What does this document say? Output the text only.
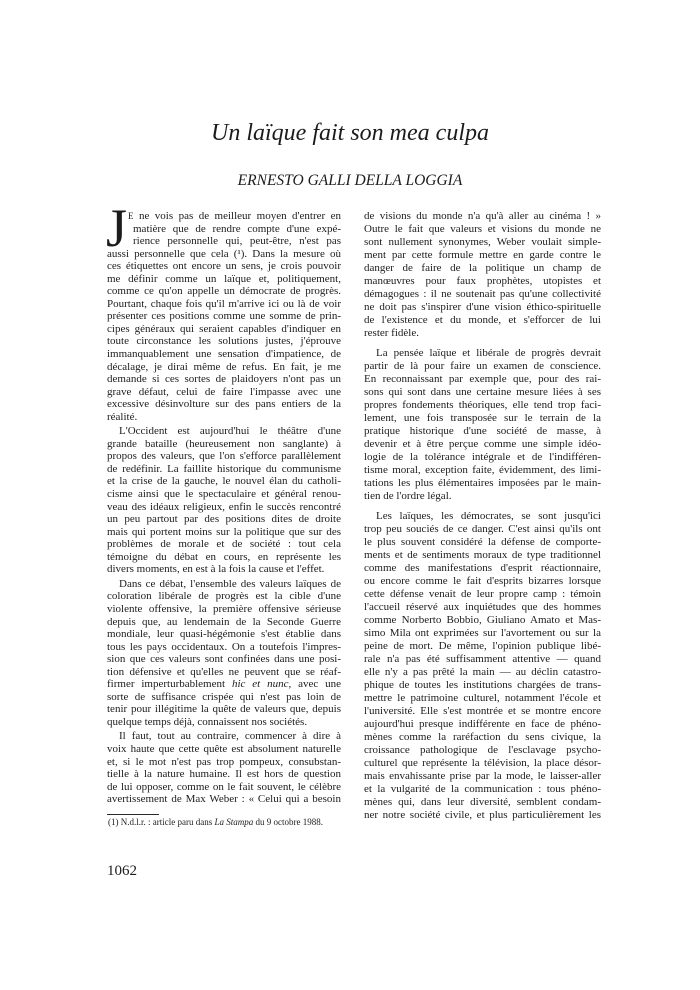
Un laïque fait son mea culpa
ERNESTO GALLI DELLA LOGGIA
J E ne vois pas de meilleur moyen d'entrer en
matière que de rendre compte d'une expé-
rience personnelle qui, peut-être, n'est pas
aussi personnelle que cela (¹). Dans la mesure où
ces étiquettes ont encore un sens, je crois pouvoir
me définir comme un laïque et, politiquement,
comme ce qu'on appelle un démocrate de progrès.
Pourtant, chaque fois qu'il m'arrive ici ou là de voir
présenter ces positions comme une somme de prin-
cipes généraux qui seraient capables d'indiquer en
toute circonstance les solutions justes, j'éprouve
immanquablement une sensation d'impatience, de
décalage, je dirai même de refus. En fait, je me
demande si ces sortes de plaidoyers n'ont pas un
grave défaut, celui de faire l'impasse avec une
excessive désinvolture sur des pans entiers de la
réalité.
L'Occident est aujourd'hui le théâtre d'une
grande bataille (heureusement non sanglante) à
propos des valeurs, que l'on s'efforce parallèlement
de redéfinir. La faillite historique du communisme
et la crise de la gauche, le nouvel élan du catholi-
cisme ainsi que le spectaculaire et général renou-
veau des idéaux religieux, enfin le succès rencontré
un peu partout par des positions dites de droite
mais qui portent moins sur la politique que sur des
problèmes de morale et de société : tout cela
témoigne du débat en cours, en représente les
divers moments, en est à la fois la cause et l'effet.
Dans ce débat, l'ensemble des valeurs laïques de
coloration libérale de progrès est la cible d'une
violente offensive, la première offensive sérieuse
depuis que, au lendemain de la Seconde Guerre
mondiale, leur quasi-hégémonie s'est établie dans
tous les pays occidentaux. On a toutefois l'impres-
sion que ces valeurs sont confinées dans une posi-
tion défensive et qu'elles ne peuvent que se réaf-
firmer imperturbablement hic et nunc, avec une
sorte de suffisance crispée qui n'est pas loin de
tenir pour illégitime la quête de valeurs que, depuis
quelque temps déjà, connaissent nos sociétés.
Il faut, tout au contraire, commencer à dire à
voix haute que cette quête est absolument naturelle
et, si le mot n'est pas trop pompeux, consubstan-
tielle à la nature humaine. Il est hors de question
de lui opposer, comme on le fait souvent, le célèbre
avertissement de Max Weber : « Celui qui a besoin
de visions du monde n'a qu'à aller au cinéma ! »
Outre le fait que valeurs et visions du monde ne
sont nullement synonymes, Weber voulait simple-
ment par cette formule mettre en garde contre le
danger de faire de la politique un champ de
manœuvres pour faux prophètes, utopistes et
démagogues : il ne soutenait pas qu'une collectivité
ne doit pas s'inspirer d'une vision éthico-spirituelle
de l'existence et du monde, et s'efforcer de lui
rester fidèle.
La pensée laïque et libérale de progrès devrait
partir de là pour faire un examen de conscience.
En reconnaissant par exemple que, pour des rai-
sons qui sont dans une certaine mesure liées à ses
propres fondements théoriques, elle tend trop faci-
lement, une fois transposée sur le terrain de la
pratique historique d'une société de masse, à
devenir et à être perçue comme une simple idéo-
logie de la tolérance intégrale et de l'indifféren-
tisme moral, exception faite, évidemment, des limi-
tations les plus élémentaires imposées par le main-
tien de l'ordre légal.
Les laïques, les démocrates, se sont jusqu'ici
trop peu souciés de ce danger. C'est ainsi qu'ils ont
le plus souvent considéré la défense de comporte-
ments et de sentiments moraux de type traditionnel
comme des manifestations d'esprit réactionnaire,
ou encore comme le fait d'esprits bizarres lorsque
cette défense venait de leur propre camp : témoin
l'accueil réservé aux inquiétudes que des hommes
comme Norberto Bobbio, Giuliano Amato et Mas-
simo Mila ont exprimées sur l'avortement ou sur la
peine de mort. De même, l'opinion publique libé-
rale n'a pas été suffisamment attentive — quand
elle n'y a pas prêté la main — au déclin catastro-
phique de toutes les institutions chargées de trans-
mettre le patrimoine culturel, notamment l'école et
l'université. Elle s'est montrée et se montre encore
aujourd'hui presque indifférente en face de phéno-
mènes comme la raréfaction du sens civique, la
croissance pathologique de l'esclavage psycho-
culturel que représente la télévision, la place désor-
mais envahissante prise par la mode, le laisser-aller
et la vulgarité de la communication : tous phéno-
mènes qui, dans leur diversité, semblent condam-
ner notre société civile, et plus particulièrement les
(1) N.d.l.r. : article paru dans La Stampa du 9 octobre 1988.
1062
